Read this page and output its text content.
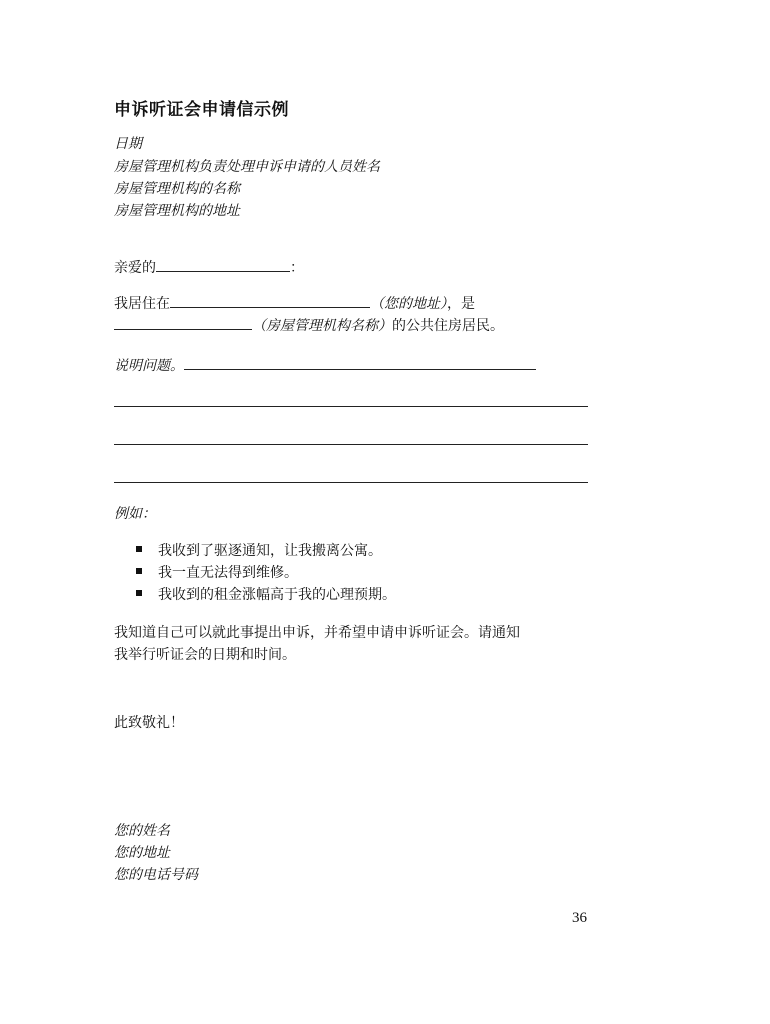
申诉听证会申请信示例
日期
房屋管理机构负责处理申诉申请的人员姓名
房屋管理机构的名称
房屋管理机构的地址
亲爱的	：
我居住在	（您的地址），是
（房屋管理机构名称）的公共住房居民。
说明问题。
例如：
我收到了驱逐通知，让我搬离公寓。
我一直无法得到维修。
我收到的租金涨幅高于我的心理预期。
我知道自己可以就此事提出申诉，并希望申请申诉听证会。请通知
我举行听证会的日期和时间。
此致敬礼！
您的姓名
您的地址
您的电话号码
36
